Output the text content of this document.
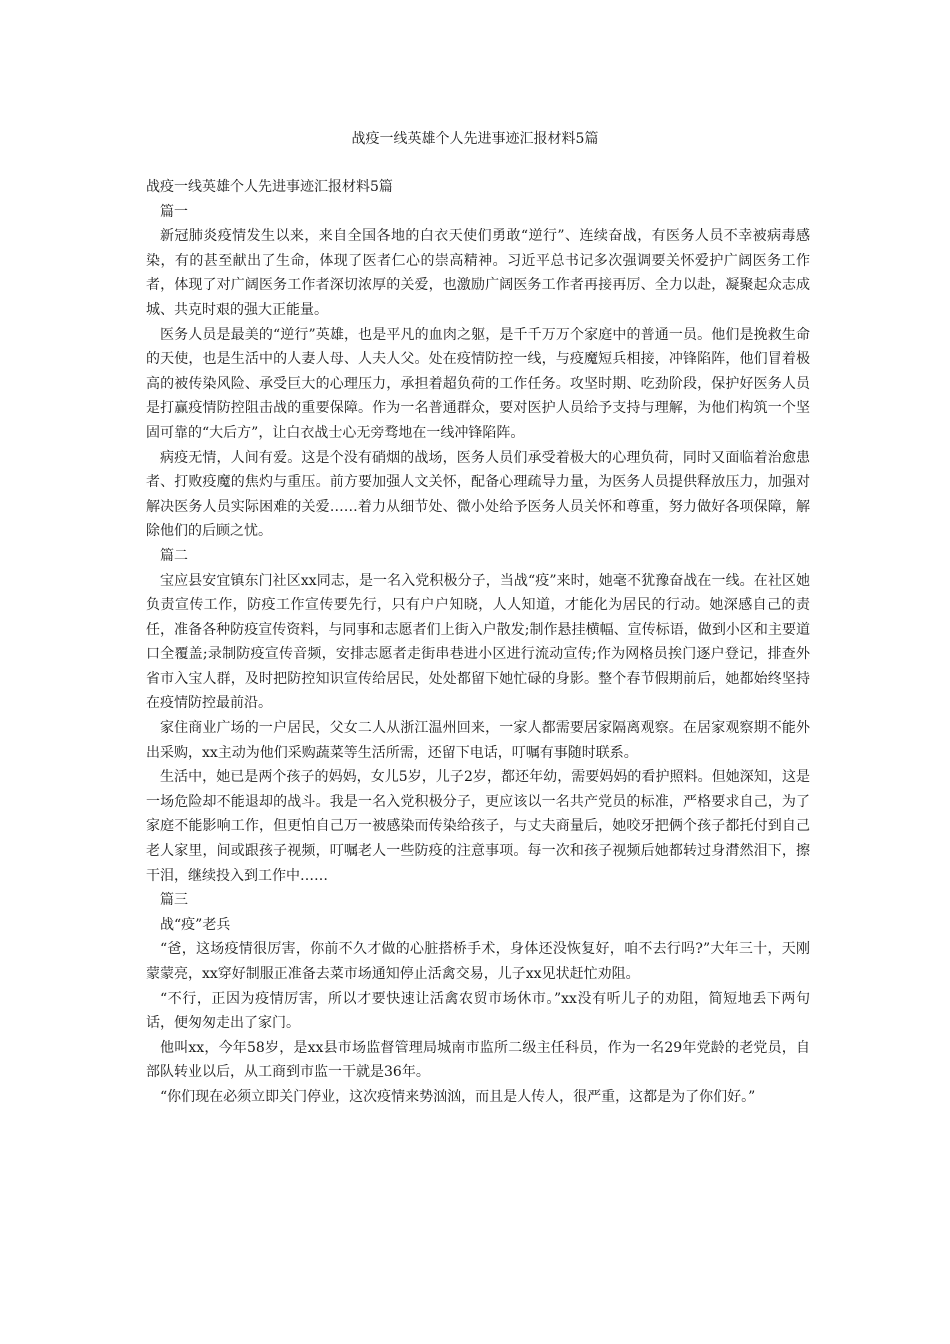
战疫一线英雄个人先进事迹汇报材料5篇

战疫一线英雄个人先进事迹汇报材料5篇

篇一

新冠肺炎疫情发生以来，来自全国各地的白衣天使们勇敢“逆行”、连续奋战，有医务人员不幸被病毒感染，有的甚至献出了生命，体现了医者仁心的崇高精神。习近平总书记多次强调要关怀爱护广阔医务工作者，体现了对广阔医务工作者深切浓厚的关爱，也激励广阔医务工作者再接再厉、全力以赴，凝聚起众志成城、共克时艰的强大正能量。

医务人员是最美的“逆行”英雄，也是平凡的血肉之躯，是千千万万个家庭中的普通一员。他们是挽救生命的天使，也是生活中的人妻人母、人夫人父。处在疫情防控一线，与疫魔短兵相接，冲锋陷阵，他们冒着极高的被传染风险、承受巨大的心理压力，承担着超负荷的工作任务。攻坚时期、吃劲阶段，保护好医务人员是打赢疫情防控阻击战的重要保障。作为一名普通群众，要对医护人员给予支持与理解，为他们构筑一个坚固可靠的“大后方”，让白衣战士心无旁骛地在一线冲锋陷阵。

病疫无情，人间有爱。这是个没有硝烟的战场，医务人员们承受着极大的心理负荷，同时又面临着治愈患者、打败疫魔的焦灼与重压。前方要加强人文关怀，配备心理疏导力量，为医务人员提供释放压力，加强对解决医务人员实际困难的关爱……着力从细节处、微小处给予医务人员关怀和尊重，努力做好各项保障，解除他们的后顾之忧。

篇二

宝应县安宜镇东门社区xx同志，是一名入党积极分子，当战“疫”来时，她毫不犹豫奋战在一线。在社区她负责宣传工作，防疫工作宣传要先行，只有户户知晓，人人知道，才能化为居民的行动。她深感自己的责任，准备各种防疫宣传资料，与同事和志愿者们上街入户散发;制作悬挂横幅、宣传标语，做到小区和主要道口全覆盖;录制防疫宣传音频，安排志愿者走街串巷进小区进行流动宣传;作为网格员挨门逐户登记，排查外省市入宝人群，及时把防控知识宣传给居民，处处都留下她忙碌的身影。整个春节假期前后，她都始终坚持在疫情防控最前沿。

家住商业广场的一户居民，父女二人从浙江温州回来，一家人都需要居家隔离观察。在居家观察期不能外出采购，xx主动为他们采购蔬菜等生活所需，还留下电话，叮嘱有事随时联系。

生活中，她已是两个孩子的妈妈，女儿5岁，儿子2岁，都还年幼，需要妈妈的看护照料。但她深知，这是一场危险却不能退却的战斗。我是一名入党积极分子，更应该以一名共产党员的标准，严格要求自己，为了家庭不能影响工作，但更怕自己万一被感染而传染给孩子，与丈夫商量后，她咬牙把俩个孩子都托付到自己老人家里，间或跟孩子视频，叮嘱老人一些防疫的注意事项。每一次和孩子视频后她都转过身潸然泪下，擦干泪，继续投入到工作中……

篇三

战“疫”老兵

“爸，这场疫情很厉害，你前不久才做的心脏搭桥手术，身体还没恢复好，咱不去行吗?”大年三十，天刚蒙蒙亮，xx穿好制服正准备去菜市场通知停止活禽交易，儿子xx见状赶忙劝阻。

“不行，正因为疫情厉害，所以才要快速让活禽农贸市场休市。”xx没有听儿子的劝阻，简短地丢下两句话，便匆匆走出了家门。

他叫xx，今年58岁，是xx县市场监督管理局城南市监所二级主任科员，作为一名29年党龄的老党员，自部队转业以后，从工商到市监一干就是36年。

“你们现在必须立即关门停业，这次疫情来势汹汹，而且是人传人，很严重，这都是为了你们好。”
